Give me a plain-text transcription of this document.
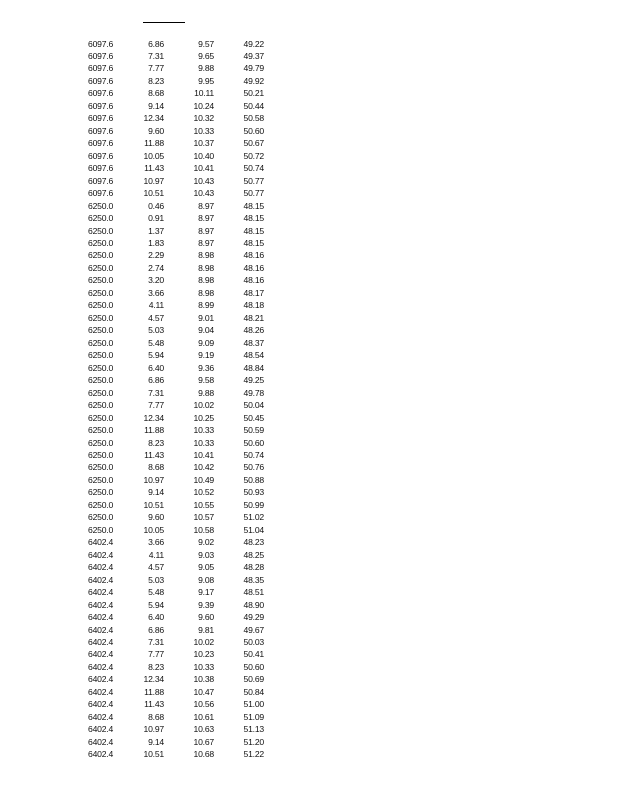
6097.6	6.86	9.57	49.22
6097.6	7.31	9.65	49.37
6097.6	7.77	9.88	49.79
6097.6	8.23	9.95	49.92
6097.6	8.68	10.11	50.21
6097.6	9.14	10.24	50.44
6097.6	12.34	10.32	50.58
6097.6	9.60	10.33	50.60
6097.6	11.88	10.37	50.67
6097.6	10.05	10.40	50.72
6097.6	11.43	10.41	50.74
6097.6	10.97	10.43	50.77
6097.6	10.51	10.43	50.77
6250.0	0.46	8.97	48.15
6250.0	0.91	8.97	48.15
6250.0	1.37	8.97	48.15
6250.0	1.83	8.97	48.15
6250.0	2.29	8.98	48.16
6250.0	2.74	8.98	48.16
6250.0	3.20	8.98	48.16
6250.0	3.66	8.98	48.17
6250.0	4.11	8.99	48.18
6250.0	4.57	9.01	48.21
6250.0	5.03	9.04	48.26
6250.0	5.48	9.09	48.37
6250.0	5.94	9.19	48.54
6250.0	6.40	9.36	48.84
6250.0	6.86	9.58	49.25
6250.0	7.31	9.88	49.78
6250.0	7.77	10.02	50.04
6250.0	12.34	10.25	50.45
6250.0	11.88	10.33	50.59
6250.0	8.23	10.33	50.60
6250.0	11.43	10.41	50.74
6250.0	8.68	10.42	50.76
6250.0	10.97	10.49	50.88
6250.0	9.14	10.52	50.93
6250.0	10.51	10.55	50.99
6250.0	9.60	10.57	51.02
6250.0	10.05	10.58	51.04
6402.4	3.66	9.02	48.23
6402.4	4.11	9.03	48.25
6402.4	4.57	9.05	48.28
6402.4	5.03	9.08	48.35
6402.4	5.48	9.17	48.51
6402.4	5.94	9.39	48.90
6402.4	6.40	9.60	49.29
6402.4	6.86	9.81	49.67
6402.4	7.31	10.02	50.03
6402.4	7.77	10.23	50.41
6402.4	8.23	10.33	50.60
6402.4	12.34	10.38	50.69
6402.4	11.88	10.47	50.84
6402.4	11.43	10.56	51.00
6402.4	8.68	10.61	51.09
6402.4	10.97	10.63	51.13
6402.4	9.14	10.67	51.20
6402.4	10.51	10.68	51.22
